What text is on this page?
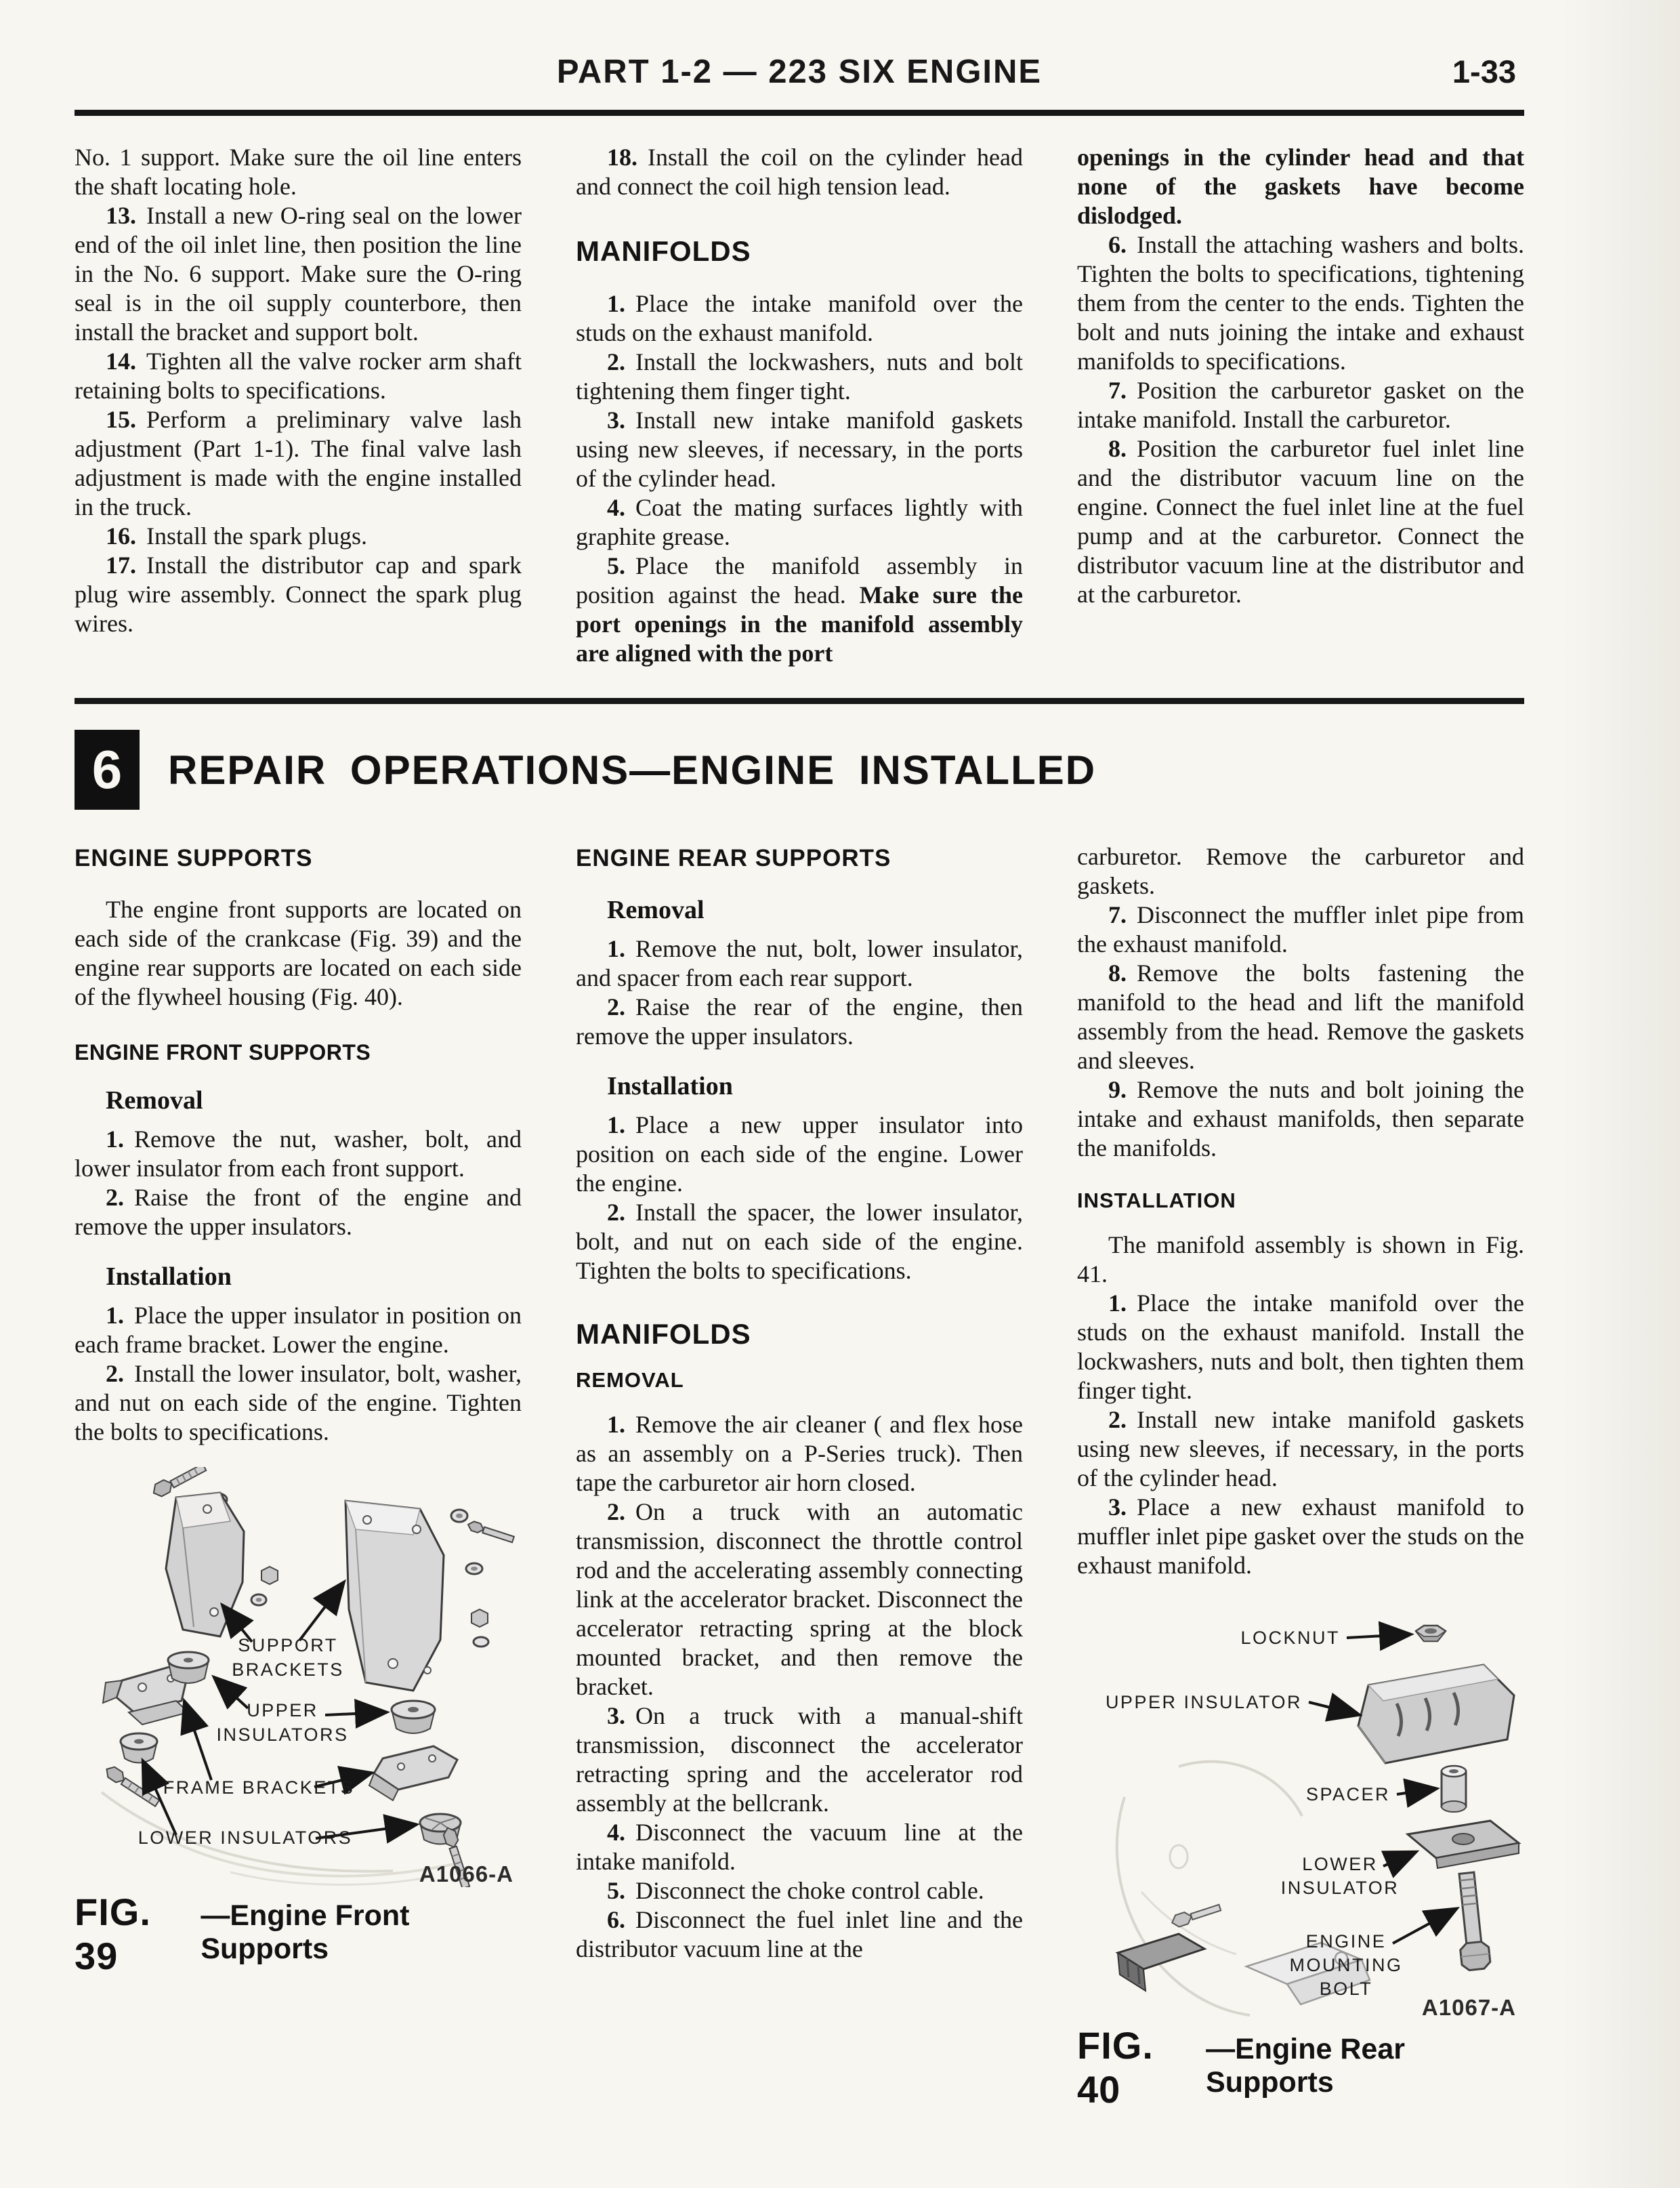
PART 1-2 — 223 SIX ENGINE	1-33

No. 1 support. Make sure the oil line enters the shaft locating hole.

13. Install a new O-ring seal on the lower end of the oil inlet line, then position the line in the No. 6 support. Make sure the O-ring seal is in the oil supply counterbore, then install the bracket and support bolt.

14. Tighten all the valve rocker arm shaft retaining bolts to specifications.

15. Perform a preliminary valve lash adjustment (Part 1-1). The final valve lash adjustment is made with the engine installed in the truck.

16. Install the spark plugs.

17. Install the distributor cap and spark plug wire assembly. Connect the spark plug wires.

18. Install the coil on the cylinder head and connect the coil high tension lead.

MANIFOLDS

1. Place the intake manifold over the studs on the exhaust manifold.

2. Install the lockwashers, nuts and bolt tightening them finger tight.

3. Install new intake manifold gaskets using new sleeves, if necessary, in the ports of the cylinder head.

4. Coat the mating surfaces lightly with graphite grease.

5. Place the manifold assembly in position against the head. Make sure the port openings in the manifold assembly are aligned with the port

openings in the cylinder head and that none of the gaskets have become dislodged.

6. Install the attaching washers and bolts. Tighten the bolts to specifications, tightening them from the center to the ends. Tighten the bolt and nuts joining the intake and exhaust manifolds to specifications.

7. Position the carburetor gasket on the intake manifold. Install the carburetor.

8. Position the carburetor fuel inlet line and the distributor vacuum line on the engine. Connect the fuel inlet line at the fuel pump and at the carburetor. Connect the distributor vacuum line at the distributor and at the carburetor.

6	REPAIR OPERATIONS—ENGINE INSTALLED
ENGINE SUPPORTS

The engine front supports are located on each side of the crankcase (Fig. 39) and the engine rear supports are located on each side of the flywheel housing (Fig. 40).

ENGINE FRONT SUPPORTS
Removal

1. Remove the nut, washer, bolt, and lower insulator from each front support.

2. Raise the front of the engine and remove the upper insulators.

Installation

1. Place the upper insulator in position on each frame bracket. Lower the engine.

2. Install the lower insulator, bolt, washer, and nut on each side of the engine. Tighten the bolts to specifications.

SUPPORT
BRACKETS
UPPER
INSULATORS
FRAME BRACKETS
LOWER INSULATORS
A1066-A
FIG. 39
—Engine Front Supports
ENGINE REAR SUPPORTS
Removal

1. Remove the nut, bolt, lower insulator, and spacer from each rear support.

2. Raise the rear of the engine, then remove the upper insulators.

Installation

1. Place a new upper insulator into position on each side of the engine. Lower the engine.

2. Install the spacer, the lower insulator, bolt, and nut on each side of the engine. Tighten the bolts to specifications.

MANIFOLDS
REMOVAL

1. Remove the air cleaner ( and flex hose as an assembly on a P-Series truck). Then tape the carburetor air horn closed.

2. On a truck with an automatic transmission, disconnect the throttle control rod and the accelerating assembly connecting link at the accelerator bracket. Disconnect the accelerator retracting spring at the block mounted bracket, and then remove the bracket.

3. On a truck with a manual-shift transmission, disconnect the accelerator retracting spring and the accelerator rod assembly at the bellcrank.

4. Disconnect the vacuum line at the intake manifold.

5. Disconnect the choke control cable.

6. Disconnect the fuel inlet line and the distributor vacuum line at the

carburetor. Remove the carburetor and gaskets.

7. Disconnect the muffler inlet pipe from the exhaust manifold.

8. Remove the bolts fastening the manifold to the head and lift the manifold assembly from the head. Remove the gaskets and sleeves.

9. Remove the nuts and bolt joining the intake and exhaust manifolds, then separate the manifolds.

INSTALLATION

The manifold assembly is shown in Fig. 41.

1. Place the intake manifold over the studs on the exhaust manifold. Install the lockwashers, nuts and bolt, then tighten them finger tight.

2. Install new intake manifold gaskets using new sleeves, if necessary, in the ports of the cylinder head.

3. Place a new exhaust manifold to muffler inlet pipe gasket over the studs on the exhaust manifold.

LOCKNUT
UPPER INSULATOR
SPACER
LOWER
INSULATOR
ENGINE
MOUNTING
BOLT
A1067-A
FIG. 40
—Engine Rear Supports
